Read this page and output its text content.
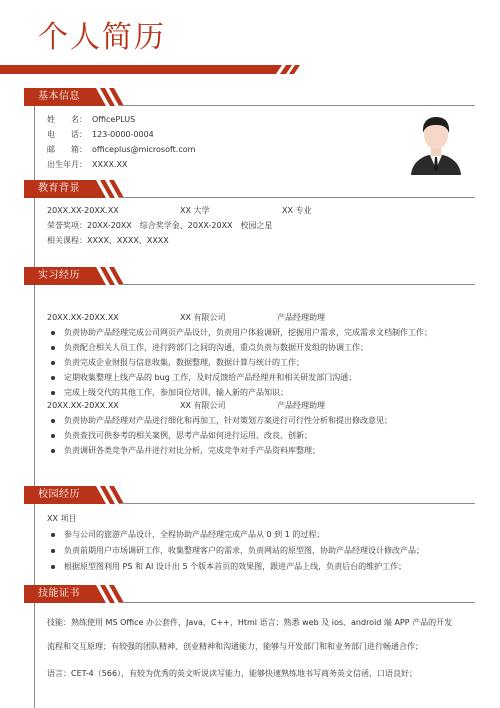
个人简历
基本信息
姓　　名： OfficePLUS
电　　话： 123-0000-0004
邮　　箱： officeplus@microsoft.com
出生年月： XXXX.XX
教育背景
20XX.XX-20XX.XX	XX 大学	XX 专业
荣誉奖项：20XX-20XX　综合奖学金、20XX-20XX　校园之星
相关课程：XXXX、XXXX、XXXX
实习经历
20XX.XX-20XX.XX	XX 有限公司	产品经理助理
负责协助产品经理完成公司网页产品设计，负责用户体验调研，挖掘用户需求，完成需求文档制作工作；
负责配合相关人员工作，进行跨部门之间的沟通，重点负责与数据开发组的协调工作；
负责完成企业财报与信息收集，数据整理，数据计算与统计的工作；
定期收集整理上线产品的 bug 工作，及时反馈给产品经理并和相关研发部门沟通；
完成上级交代的其他工作，参加岗位培训，输入新的产品知识；
20XX.XX-20XX.XX	XX 有限公司	产品经理助理
负责协助产品经理对产品进行细化和再加工，针对策划方案进行可行性分析和提出修改意见；
负责查找可供参考的相关案例，思考产品如何进行运用、改良、创新；
负责调研各类竞争产品并进行对比分析，完成竞争对手产品资料库整理；
校园经历
XX 项目
参与公司的旅游产品设计，全程协助产品经理完成产品从 0 到 1 的过程；
负责前期用户市场调研工作，收集整理客户的需求，负责网站的原型图，协助产品经理设计修改产品；
根据原型图利用 PS 和 AI 设计出 5 个版本首页的效果图，跟进产品上线，负责后台的维护工作；
技能证书
技能：熟练使用 MS Office 办公套件，Java，C++，Html 语言；熟悉 web 及 ios、android 端 APP 产品的开发
流程和交互原理；有较强的团队精神、创业精神和沟通能力，能够与开发部门和和业务部门进行畅通合作；
语言：CET-4（566），有较为优秀的英文听说读写能力，能够快速熟练地书写商务英文信函，口语良好；
